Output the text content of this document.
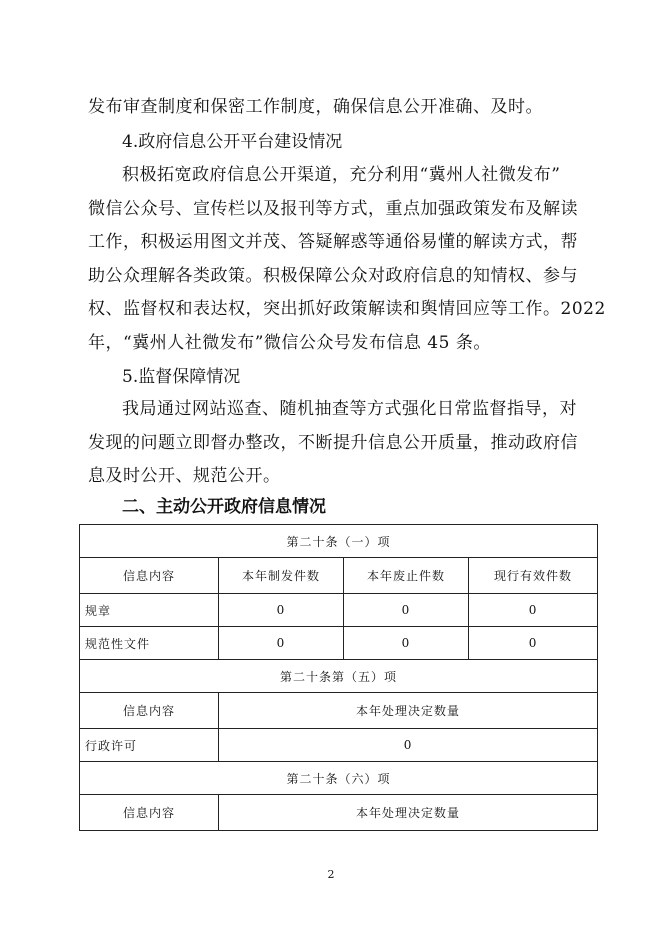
发布审查制度和保密工作制度，确保信息公开准确、及时。
4.政府信息公开平台建设情况
积极拓宽政府信息公开渠道，充分利用“冀州人社微发布”
微信公众号、宣传栏以及报刊等方式，重点加强政策发布及解读
工作，积极运用图文并茂、答疑解惑等通俗易懂的解读方式，帮
助公众理解各类政策。积极保障公众对政府信息的知情权、参与
权、监督权和表达权，突出抓好政策解读和舆情回应等工作。2022
年，“冀州人社微发布”微信公众号发布信息 45 条。
5.监督保障情况
我局通过网站巡查、随机抽查等方式强化日常监督指导，对
发现的问题立即督办整改，不断提升信息公开质量，推动政府信
息及时公开、规范公开。
二、主动公开政府信息情况
第二十条（一）项			
信息内容	本年制发件数	本年废止件数	现行有效件数
规章	0	0	0
规范性文件	0	0	0
第二十条第（五）项			
信息内容	本年处理决定数量		
行政许可	0		
第二十条（六）项			
信息内容	本年处理决定数量		
2
